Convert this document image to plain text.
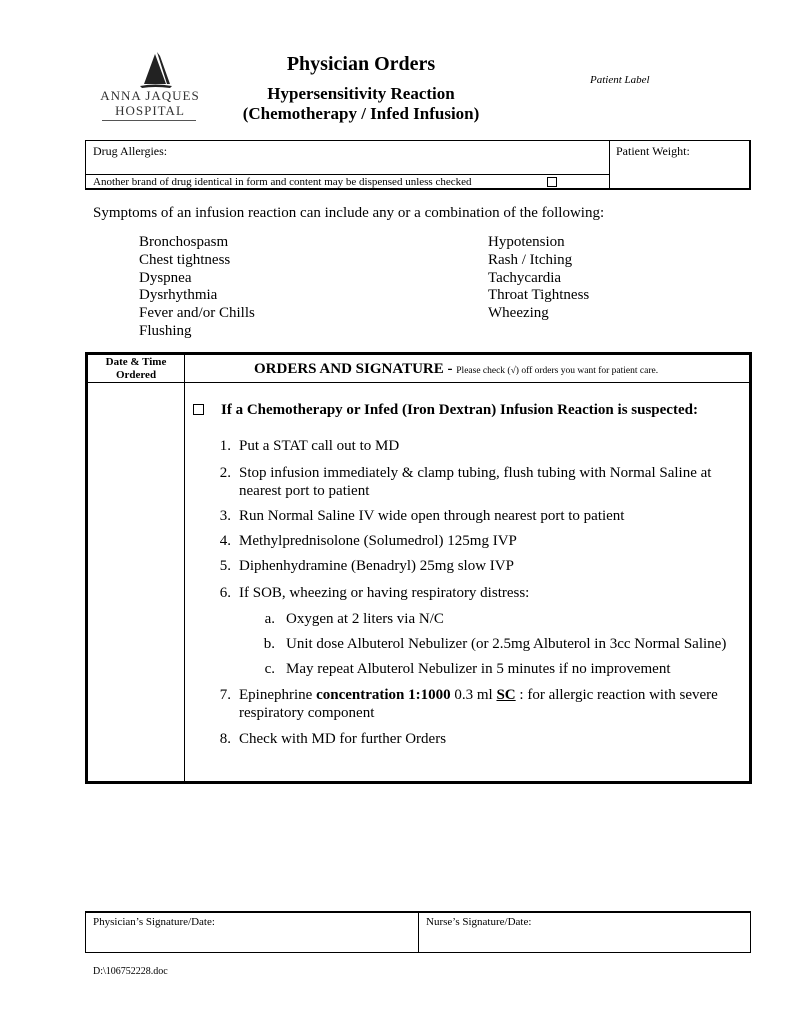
ANNA JAQUES
HOSPITAL
Physician Orders
Hypersensitivity Reaction
(Chemotherapy / Infed Infusion)
Patient Label
Drug Allergies:	Patient Weight:
Another brand of drug identical in form and content may be dispensed unless checked
Symptoms of an infusion reaction can include any or a combination of the following:
Bronchospasm
Chest tightness
Dyspnea
Dysrhythmia
Fever and/or Chills
Flushing
Hypotension
Rash / Itching
Tachycardia
Throat Tightness
Wheezing
Date & Time Ordered	ORDERS AND SIGNATURE - Please check (√) off orders you want for patient care.
If a Chemotherapy or Infed (Iron Dextran) Infusion Reaction is suspected:
1. Put a STAT call out to MD
2. Stop infusion immediately & clamp tubing, flush tubing with Normal Saline at nearest port to patient
3. Run Normal Saline IV wide open through nearest port to patient
4. Methylprednisolone (Solumedrol) 125mg IVP
5. Diphenhydramine (Benadryl) 25mg slow IVP
6. If SOB, wheezing or having respiratory distress:
a. Oxygen at 2 liters via N/C
b. Unit dose Albuterol Nebulizer (or 2.5mg Albuterol in 3cc Normal Saline)
c. May repeat Albuterol Nebulizer in 5 minutes if no improvement
7. Epinephrine concentration 1:1000 0.3 ml SC : for allergic reaction with severe respiratory component
8. Check with MD for further Orders
Physician’s Signature/Date:	Nurse’s Signature/Date:
D:\106752228.doc
